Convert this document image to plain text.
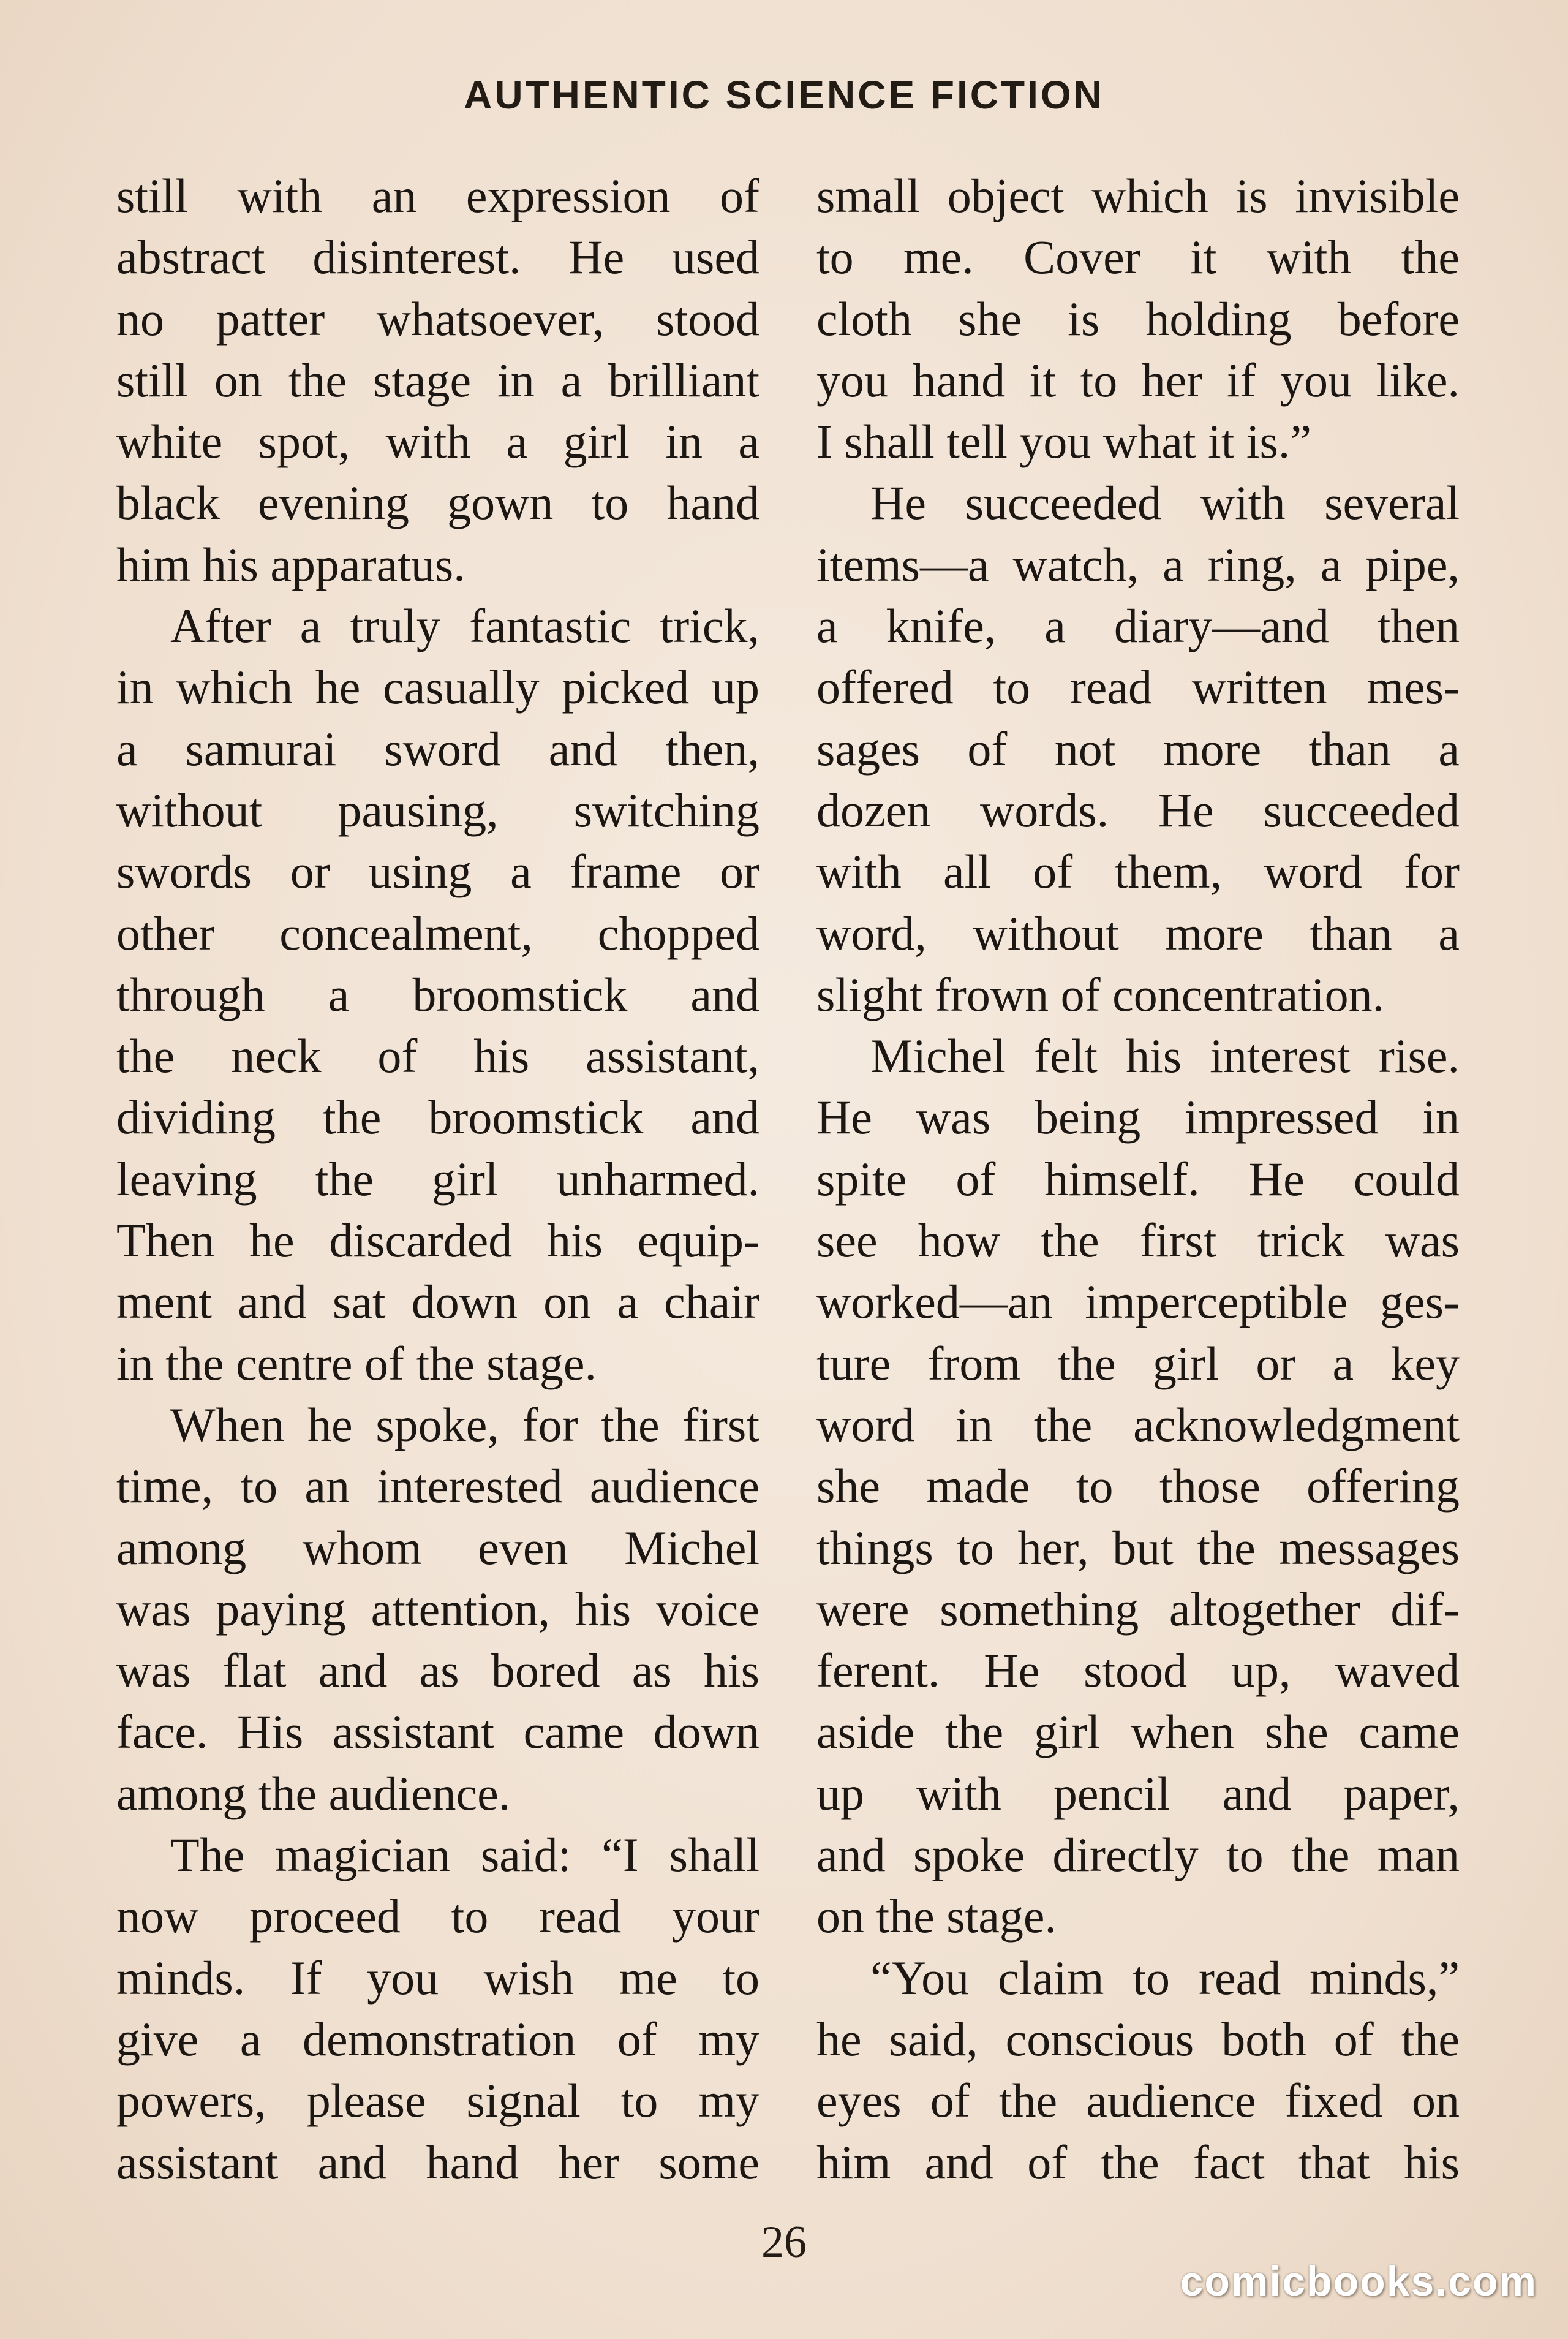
AUTHENTIC SCIENCE FICTION
still with an expression of
abstract disinterest. He used
no patter whatsoever, stood
still on the stage in a brilliant
white spot, with a girl in a
black evening gown to hand
him his apparatus.
After a truly fantastic trick,
in which he casually picked up
a samurai sword and then,
without pausing, switching
swords or using a frame or
other concealment, chopped
through a broomstick and
the neck of his assistant,
dividing the broomstick and
leaving the girl unharmed.
Then he discarded his equip-
ment and sat down on a chair
in the centre of the stage.
When he spoke, for the first
time, to an interested audience
among whom even Michel
was paying attention, his voice
was flat and as bored as his
face. His assistant came down
among the audience.
The magician said: “I shall
now proceed to read your
minds. If you wish me to
give a demonstration of my
powers, please signal to my
assistant and hand her some
small object which is invisible
to me. Cover it with the
cloth she is holding before
you hand it to her if you like.
I shall tell you what it is.”
He succeeded with several
items—a watch, a ring, a pipe,
a knife, a diary—and then
offered to read written mes-
sages of not more than a
dozen words. He succeeded
with all of them, word for
word, without more than a
slight frown of concentration.
Michel felt his interest rise.
He was being impressed in
spite of himself. He could
see how the first trick was
worked—an imperceptible ges-
ture from the girl or a key
word in the acknowledgment
she made to those offering
things to her, but the messages
were something altogether dif-
ferent. He stood up, waved
aside the girl when she came
up with pencil and paper,
and spoke directly to the man
on the stage.
“You claim to read minds,”
he said, conscious both of the
eyes of the audience fixed on
him and of the fact that his
26
comicbooks.com
